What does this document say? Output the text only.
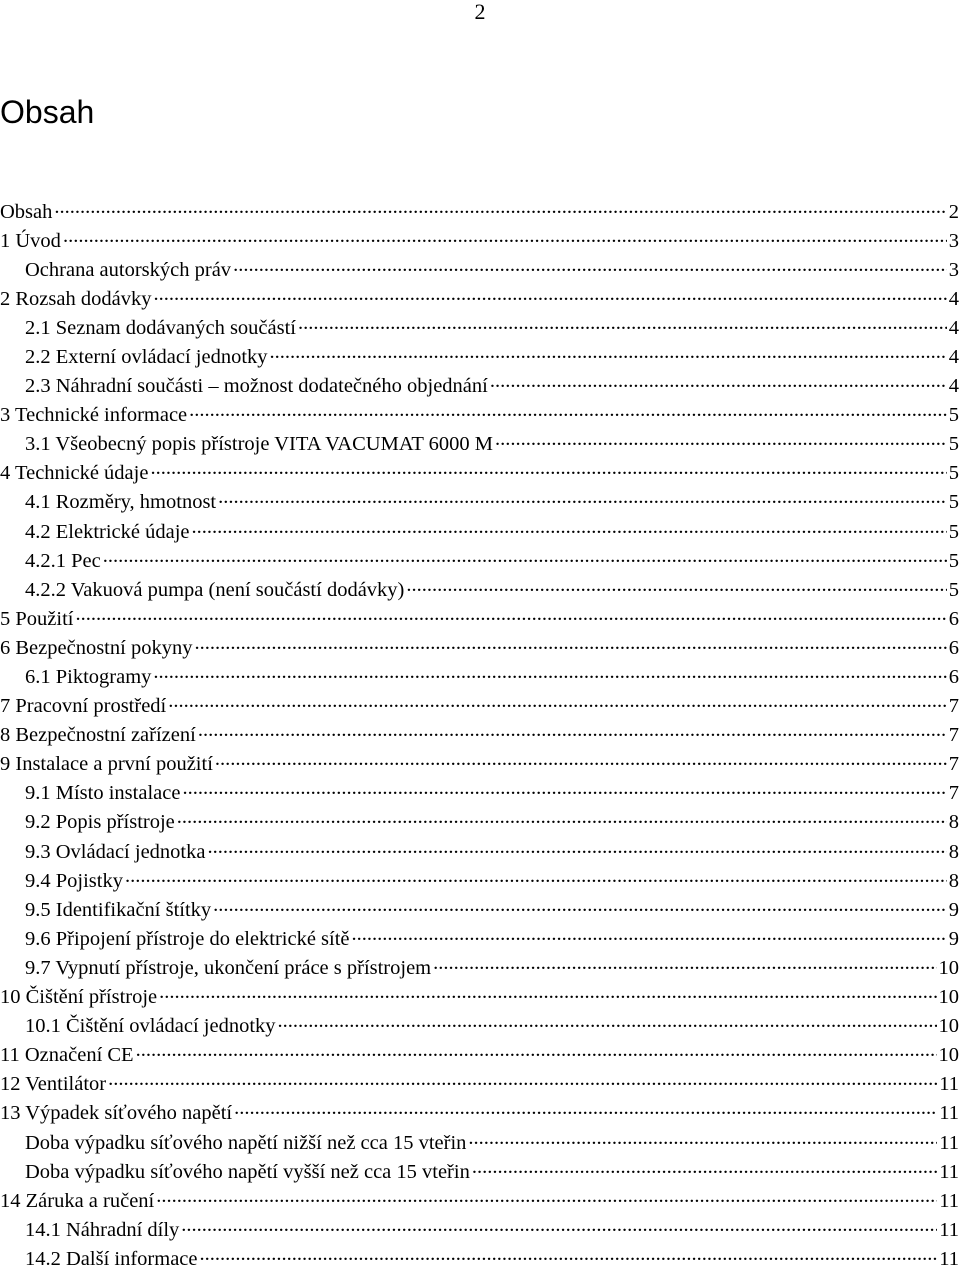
2
Obsah
Obsah .....	2
1 Úvod .....	3
Ochrana autorských práv .....	3
2 Rozsah dodávky .....	4
2.1 Seznam dodávaných součástí .....	4
2.2 Externí ovládací jednotky .....	4
2.3 Náhradní součásti – možnost dodatečného objednání .....	4
3 Technické informace .....	5
3.1 Všeobecný popis přístroje VITA VACUMAT 6000 M .....	5
4 Technické údaje .....	5
4.1 Rozměry, hmotnost .....	5
4.2 Elektrické údaje .....	5
4.2.1 Pec .....	5
4.2.2 Vakuová pumpa (není součástí dodávky) .....	5
5 Použití .....	6
6 Bezpečnostní pokyny .....	6
6.1 Piktogramy .....	6
7 Pracovní prostředí .....	7
8 Bezpečnostní zařízení .....	7
9 Instalace a první použití .....	7
9.1 Místo instalace .....	7
9.2 Popis přístroje .....	8
9.3 Ovládací jednotka .....	8
9.4 Pojistky .....	8
9.5 Identifikační štítky .....	9
9.6 Připojení přístroje do elektrické sítě .....	9
9.7 Vypnutí přístroje, ukončení práce s přístrojem .....	10
10 Čištění přístroje .....	10
10.1 Čištění ovládací jednotky .....	10
11 Označení CE .....	10
12 Ventilátor .....	11
13 Výpadek síťového napětí .....	11
Doba výpadku síťového napětí nižší než cca 15 vteřin .....	11
Doba výpadku síťového napětí vyšší než cca 15 vteřin .....	11
14 Záruka a ručení .....	11
14.1 Náhradní díly .....	11
14.2 Další informace .....	11
